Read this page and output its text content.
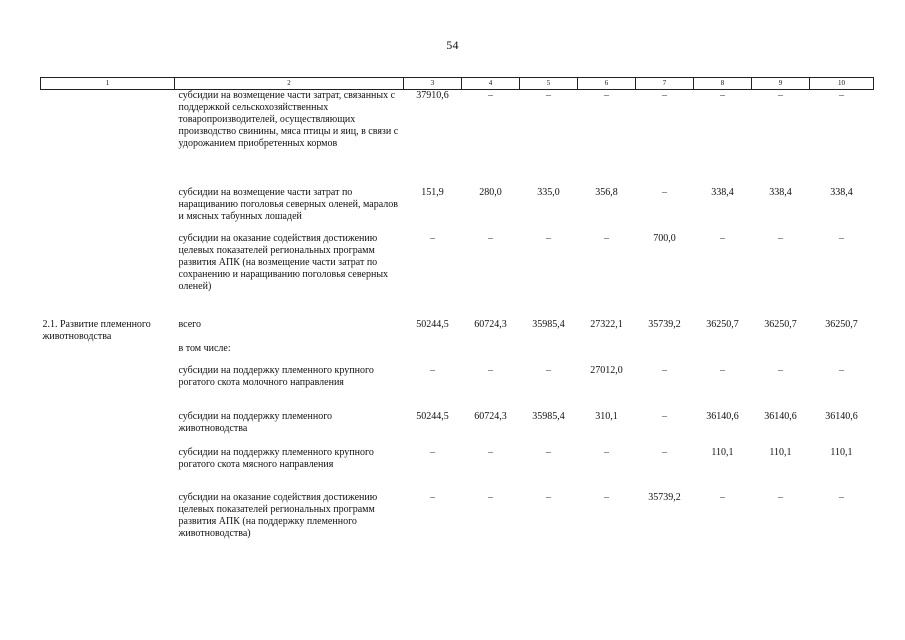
54
1	2	3	4	5	6	7	8	9	10
	субсидии на возмещение части затрат, связанных с поддержкой сельскохозяйственных товаропроизводителей, осуществляющих производство свинины, мяса птицы и яиц, в связи с удорожанием приобретенных кормов	37910,6	–	–	–	–	–	–	–
	субсидии на возмещение части затрат по наращиванию поголовья северных оленей, маралов и мясных табунных лошадей	151,9	280,0	335,0	356,8	–	338,4	338,4	338,4
	субсидии на оказание содействия достижению целевых показателей региональных программ развития АПК (на возмещение части затрат по сохранению и наращиванию поголовья северных оленей)	–	–	–	–	700,0	–	–	–
2.1. Развитие племенного животноводства	всего	50244,5	60724,3	35985,4	27322,1	35739,2	36250,7	36250,7	36250,7
	в том числе:								
	субсидии на поддержку племенного крупного рогатого скота молочного направления	–	–	–	27012,0	–	–	–	–
	субсидии на поддержку племенного животноводства	50244,5	60724,3	35985,4	310,1	–	36140,6	36140,6	36140,6
	субсидии на поддержку племенного крупного рогатого скота мясного направления	–	–	–	–	–	110,1	110,1	110,1
	субсидии на оказание содействия достижению целевых показателей региональных программ развития АПК (на поддержку племенного животноводства)	–	–	–	–	35739,2	–	–	–
